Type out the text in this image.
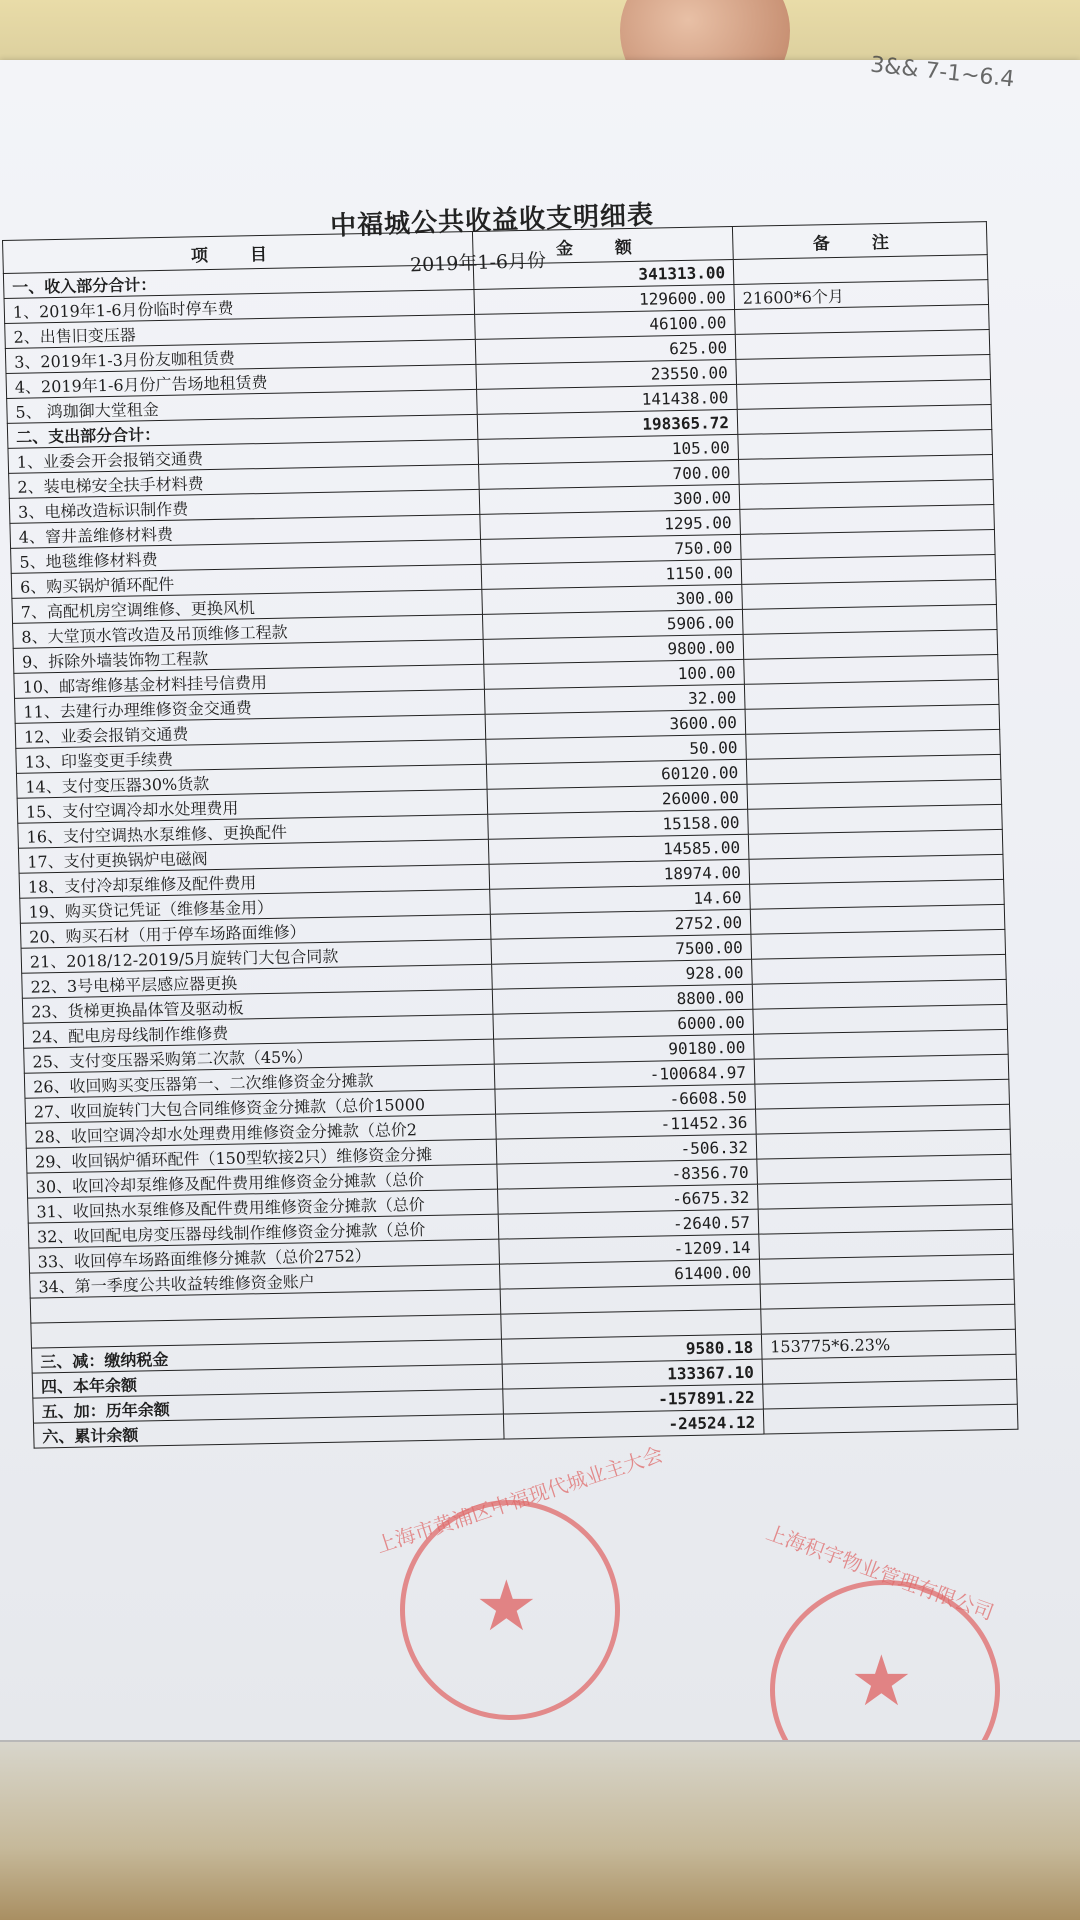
3&& 7-1~6.4
中福城公共收益收支明细表
2019年1-6月份
项 目	金 额	备 注
一、收入部分合计：	341313.00	
1、2019年1-6月份临时停车费	129600.00	21600*6个月
2、出售旧变压器	46100.00	
3、2019年1-3月份友咖租赁费	625.00	
4、2019年1-6月份广告场地租赁费	23550.00	
5、 鸿珈御大堂租金	141438.00	
二、支出部分合计：	198365.72	
1、业委会开会报销交通费	105.00	
2、装电梯安全扶手材料费	700.00	
3、电梯改造标识制作费	300.00	
4、窨井盖维修材料费	1295.00	
5、地毯维修材料费	750.00	
6、购买锅炉循环配件	1150.00	
7、高配机房空调维修、更换风机	300.00	
8、大堂顶水管改造及吊顶维修工程款	5906.00	
9、拆除外墙装饰物工程款	9800.00	
10、邮寄维修基金材料挂号信费用	100.00	
11、去建行办理维修资金交通费	32.00	
12、业委会报销交通费	3600.00	
13、印鉴变更手续费	50.00	
14、支付变压器30%货款	60120.00	
15、支付空调冷却水处理费用	26000.00	
16、支付空调热水泵维修、更换配件	15158.00	
17、支付更换锅炉电磁阀	14585.00	
18、支付冷却泵维修及配件费用	18974.00	
19、购买贷记凭证（维修基金用）	14.60	
20、购买石材（用于停车场路面维修）	2752.00	
21、2018/12-2019/5月旋转门大包合同款	7500.00	
22、3号电梯平层感应器更换	928.00	
23、货梯更换晶体管及驱动板	8800.00	
24、配电房母线制作维修费	6000.00	
25、支付变压器采购第二次款（45%）	90180.00	
26、收回购买变压器第一、二次维修资金分摊款	-100684.97	
27、收回旋转门大包合同维修资金分摊款（总价15000	-6608.50	
28、收回空调冷却水处理费用维修资金分摊款（总价2	-11452.36	
29、收回锅炉循环配件（150型软接2只）维修资金分摊	-506.32	
30、收回冷却泵维修及配件费用维修资金分摊款（总价	-8356.70	
31、收回热水泵维修及配件费用维修资金分摊款（总价	-6675.32	
32、收回配电房变压器母线制作维修资金分摊款（总价	-2640.57	
33、收回停车场路面维修分摊款（总价2752）	-1209.14	
34、第一季度公共收益转维修资金账户	61400.00	

三、减：缴纳税金	9580.18	153775*6.23%
四、本年余额	133367.10	
五、加：历年余额	-157891.22	
六、累计余额	-24524.12	
★
上海市黄浦区中福现代城业主大会
★
上海积宇物业管理有限公司
